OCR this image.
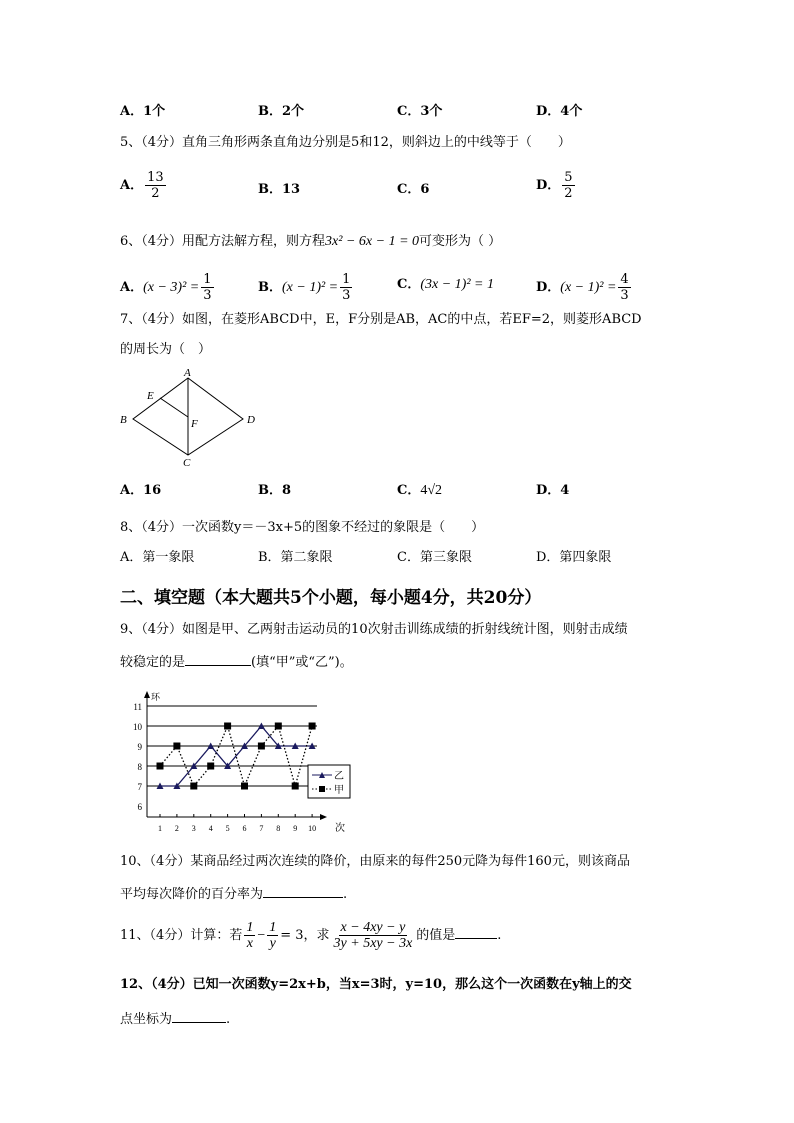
A．1个	B．2个	C．3个	D．4个
5、（4分）直角三角形两条直角边分别是5和12，则斜边上的中线等于（　　）
A． $\frac{13}{2}$	B．13	C．6	D． $\frac{5}{2}$
6、（4分）用配方法解方程，则方程3x² − 6x − 1 = 0可变形为（ ）
A．$(x - 3)^2 = \frac{1}{3}$	B．$(x - 1)^2 = \frac{1}{3}$	C．(3x − 1)² = 1	D．$(x - 1)^2 = \frac{4}{3}$
7、（4分）如图，在菱形ABCD中，E，F分别是AB，AC的中点，若EF=2，则菱形ABCD
的周长为（　）
A
B
C
D
E
F
A．16	B．8	C．4√2	D．4
8、（4分）一次函数y＝－3x+5的图象不经过的象限是（　　）
A．第一象限	B．第二象限	C．第三象限	D．第四象限
二、填空题（本大题共5个小题，每小题4分，共20分）
9、（4分）如图是甲、乙两射击运动员的10次射击训练成绩的折射线统计图，则射击成绩
较稳定的是	(填“甲”或“乙”)。
6
7
8
9
10
11
1 2 3 4 5 6 7 8 9 10
环
次
乙
甲
10、（4分）某商品经过两次连续的降价，由原来的每件250元降为每件160元，则该商品
平均每次降价的百分率为	.
11、（4分）计算：若 $\frac{1}{x} - \frac{1}{y} = 3$，求 $\frac{x - 4xy - y}{3y + 5xy - 3x}$ 的值是	.
12、（4分）已知一次函数y=2x+b，当x=3时，y=10，那么这个一次函数在y轴上的交
点坐标为	.
